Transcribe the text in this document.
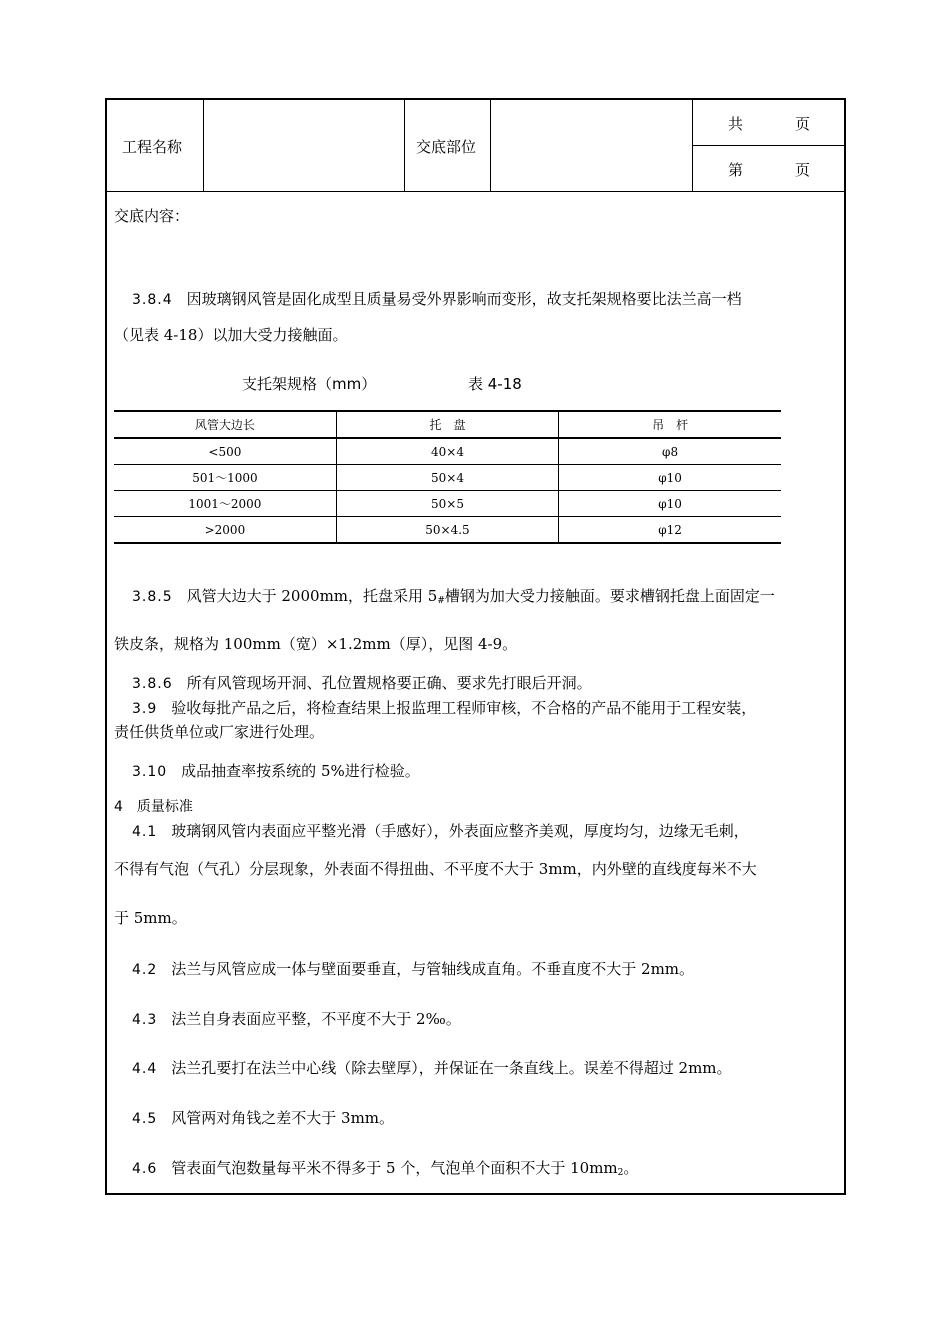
工程名称	交底部位
共	页
第	页
交底内容：
3.8.4 因玻璃钢风管是固化成型且质量易受外界影响而变形，故支托架规格要比法兰高一档
（见表 4-18）以加大受力接触面。
支托架规格（mm）	表 4-18
风管大边长	托　盘	吊　杆
<500	40×4	φ8
501～1000	50×4	φ10
1001～2000	50×5	φ10
>2000	50×4.5	φ12
3.8.5 风管大边大于 2000mm，托盘采用 $5_{\#}$槽钢为加大受力接触面。要求槽钢托盘上面固定一
铁皮条，规格为 100mm（宽）×1.2mm（厚），见图 4-9。
3.8.6 所有风管现场开洞、孔位置规格要正确、要求先打眼后开洞。
3.9 验收每批产品之后，将检查结果上报监理工程师审核，不合格的产品不能用于工程安装，
责任供货单位或厂家进行处理。
3.10 成品抽查率按系统的 5%进行检验。
4　质量标准
4.1 玻璃钢风管内表面应平整光滑（手感好），外表面应整齐美观，厚度均匀，边缘无毛刺，
不得有气泡（气孔）分层现象，外表面不得扭曲、不平度不大于 3mm，内外壁的直线度每米不大
于 5mm。
4.2 法兰与风管应成一体与壁面要垂直，与管轴线成直角。不垂直度不大于 2mm。
4.3 法兰自身表面应平整，不平度不大于 2‰。
4.4 法兰孔要打在法兰中心线（除去壁厚），并保证在一条直线上。误差不得超过 2mm。
4.5 风管两对角钱之差不大于 3mm。
4.6 管表面气泡数量每平米不得多于 5 个，气泡单个面积不大于 $10mm_2$。
